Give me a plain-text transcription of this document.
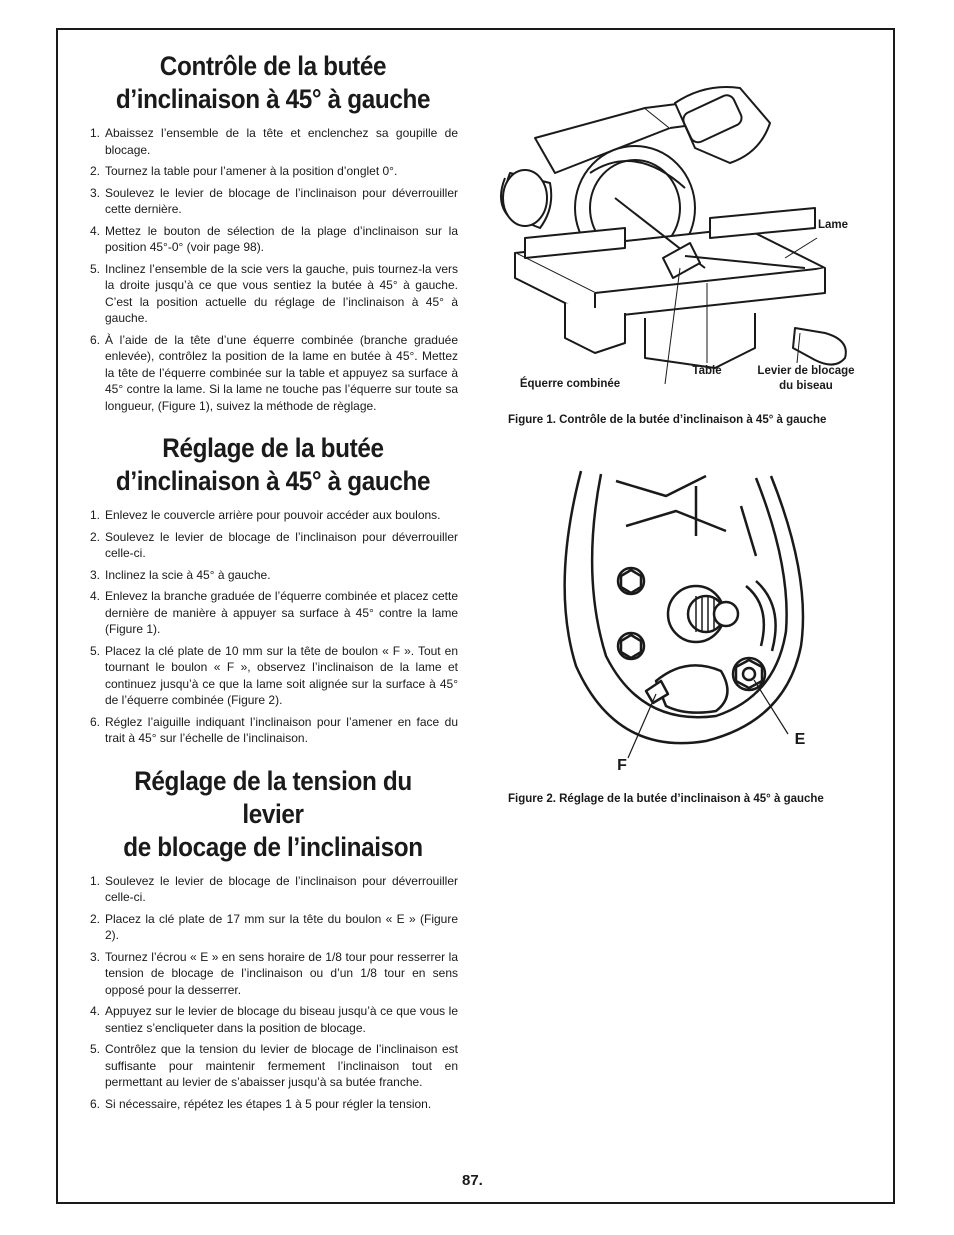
Contrôle de la butée
d’inclinaison à 45° à gauche
1. Abaissez l’ensemble de la tête et enclenchez sa goupille de blocage.
2. Tournez la table pour l’amener à la position d’onglet 0°.
3. Soulevez le levier de blocage de l’inclinaison pour déverrouiller cette dernière.
4. Mettez le bouton de sélection de la plage d’inclinaison sur la position 45°-0° (voir page 98).
5. Inclinez l’ensemble de la scie vers la gauche, puis tournez-la vers la droite jusqu’à ce que vous sentiez la butée à 45° à gauche. C’est la position actuelle du réglage de l’inclinaison à 45° à gauche.
6. À l’aide de la tête d’une équerre combinée (branche graduée enlevée), contrôlez la position de la lame en butée à 45°. Mettez la tête de l’équerre combinée sur la table et appuyez sa surface à 45° contre la lame. Si la lame ne touche pas l’équerre sur toute sa longueur, (Figure 1), suivez la méthode de règlage.
Réglage de la butée
d’inclinaison à 45° à gauche
1. Enlevez le couvercle arrière pour pouvoir accéder aux boulons.
2. Soulevez le levier de blocage de l’inclinaison pour déverrouiller celle-ci.
3. Inclinez la scie à 45° à gauche.
4. Enlevez la branche graduée de l’équerre combinée et placez cette dernière de manière à appuyer sa surface à 45° contre la lame (Figure 1).
5. Placez la clé plate de 10 mm sur la tête de boulon « F ». Tout en tournant le boulon « F », observez l’inclinaison de la lame et continuez jusqu’à ce que la lame soit alignée sur la surface à 45° de l’équerre combinée (Figure 2).
6. Réglez l’aiguille indiquant l’inclinaison pour l’amener en face du trait à 45° sur l’échelle de l’inclinaison.
Réglage de la tension du levier
de blocage de l’inclinaison
1. Soulevez le levier de blocage de l’inclinaison pour déverrouiller celle-ci.
2. Placez la clé plate de 17 mm sur la tête du boulon « E » (Figure 2).
3. Tournez l’écrou « E » en sens horaire de 1/8 tour pour resserrer la tension de blocage de l’inclinaison ou d’un 1/8 tour en sens opposé pour la desserrer.
4. Appuyez sur le levier de blocage du biseau jusqu’à ce que vous le sentiez s’encliqueter dans la position de blocage.
5. Contrôlez que la tension du levier de blocage de l’inclinaison est suffisante pour maintenir fermement l’inclinaison tout en permettant au levier de s’abaisser jusqu’à sa butée franche.
6. Si nécessaire, répétez les étapes 1 à 5 pour régler la tension.
Lame
Table	Levier de blocage du biseau
Équerre combinée
Figure 1. Contrôle de la butée d’inclinaison à 45° à gauche
E
F
Figure 2. Réglage de la butée d’inclinaison à 45° à gauche
87.
